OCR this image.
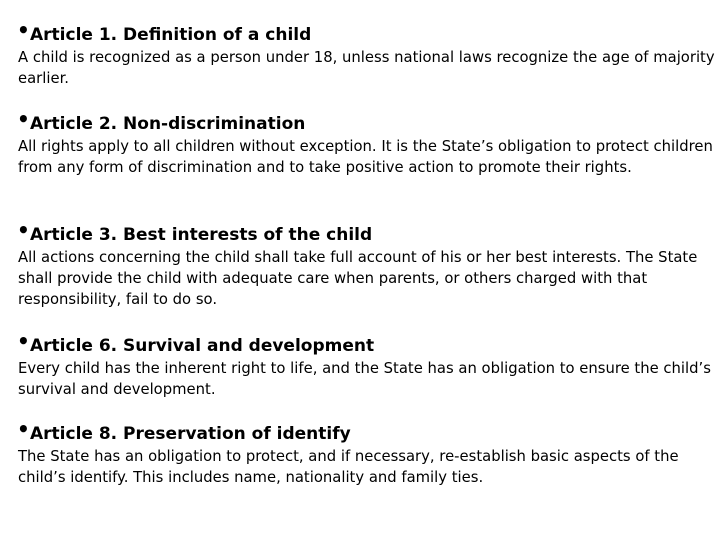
• Article 1. Definition of a child
A child is recognized as a person under 18, unless national laws recognize the age of majority earlier.
• Article 2. Non-discrimination
All rights apply to all children without exception. It is the State’s obligation to protect children from any form of discrimination and to take positive action to promote their rights.
• Article 3. Best interests of the child
All actions concerning the child shall take full account of his or her best interests. The State shall provide the child with adequate care when parents, or others charged with that responsibility, fail to do so.
• Article 6. Survival and development
Every child has the inherent right to life, and the State has an obligation to ensure the child’s survival and development.
• Article 8. Preservation of identify
The State has an obligation to protect, and if necessary, re-establish basic aspects of the child’s identify. This includes name, nationality and family ties.
